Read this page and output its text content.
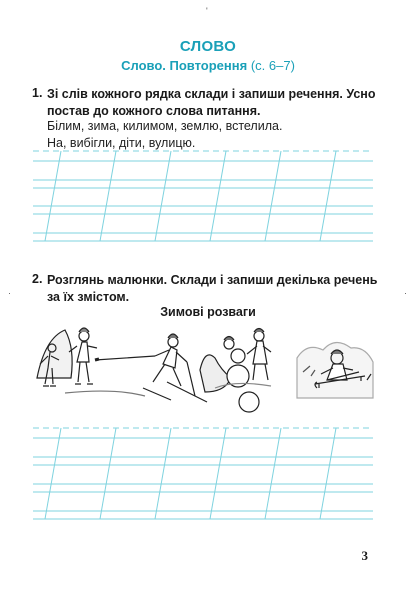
'
·	·
СЛОВО
Слово. Повторення (с. 6–7)
1. Зі слів кожного рядка склади і запиши речення. Усно
постав до кожного слова питання.
Білим, зима, килимом, землю, встелила.
На, вибігли, діти, вулицю.
2. Розглянь малюнки. Склади і запиши декілька речень
за їх змістом.
Зимові розваги
3
